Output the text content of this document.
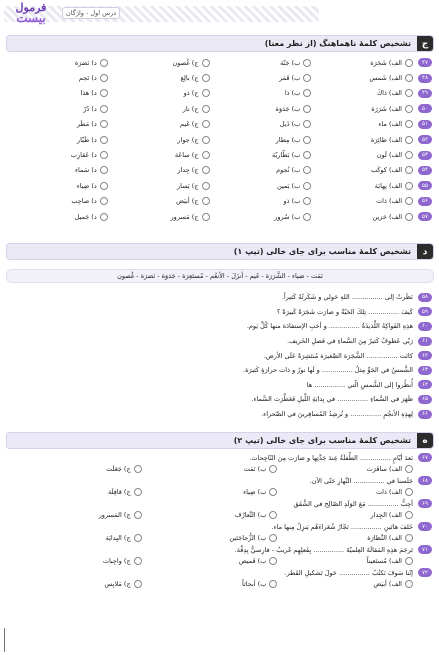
درس اول - واژگان
فرمول
بیست
ج
تشخیص کلمهٔ ناهماهنگ (از نظر معنا)
۴۷
الف) شَجَرَة
ب) جَنّة
ج) غُصون
د) نَضرَة
۴۸
الف) شَمس
ب) قَمَر
ج) بالِغ
د) نَجم
۴۹
الف) ذاكَ
ب) ذا
ج) ذو
د) هذا
۵۰
الف) شَرَرَة
ب) جَذوَة
ج) نار
د) دُرّ
۵۱
الف) ماء
ب) ذَيل
ج) غَيم
د) مَطَر
۵۲
الف) طائِرَة
ب) مِطار
ج) جوار
د) طَيّار
۵۳
الف) لَون
ب) بَطّاريّة
ج) ساعَة
د) عَقارِب
۵۴
الف) كوكَب
ب) نُجوم
ج) جِدار
د) سَماء
۵۵
الف) نِهايَة
ب) يَمين
ج) يَسار
د) ضِياء
۵۶
الف) ذات
ب) ذو
ج) أبيَض
د) صاحِب
۵۷
الف) حَزين
ب) سُرور
ج) مَسرور
د) جَميل
د
تشخیص کلمهٔ مناسب برای جای خالی (تیپ ۱)
نَمَت - ضياء - الشَّرَرَة - غَيم - أنزَلَ - الأنعُم - مُستَعِرَة - جَذوَة - نَضرَة - غُصون
۵۸
نَظَرتُ إلى ............... اللهِ حَولي و شَكَرتُهُ كَثيراً.
۵۹
كَيفَ ............... تِلكَ الحَبّةُ و صارَت شَجَرَةً كَبيرَةً ؟
۶۰
هذِهِ الفَواكِهُ اللَّذيذَةُ ............... و أخبِ الإستفادَة منها كُلَّ يَوم.
۶۱
رَبّي عَطوفٌ كَثيرٌ مِنَ السَّماءِ في فَصلِ الخَريف.
۶۲
كانَت ............... الشَّجَرَة الصَّغيرَة مُنتَشِرَةً عَلَى الأرض.
۶۳
الشَّمسُ في الجَوِّ مِثلُ ............... و لَها نورٌ و ذات حرارَةٍ كَثيرَة.
۶۴
أُنظُروا إلى الشَّمسِ الّتي ............... ها
۶۵
ظَهَرَ في السَّماءِ ............... في بِدايَةِ اللَّيلِ فَعَطَّرَت السَّماء.
۶۶
لِهذِهِ الأنجُمِ ............... و تُرشِدُ المُسافِرينَ في الصَّحراء.
ه
تشخیص کلمهٔ مناسب برای جای خالی (تیپ ۲)
۶۷
بَعدَ أيّامٍ ............... الطِّفلَةُ عِندَ جَدَّتِها و صارَت مِنَ النّاجِحات.
الف) سافَرَت
ب) نَمَت
ج) جَعَلَت
۶۸
جَلَسنا في ............... النَّهارِ حَتّى الآن.
الف) ذات
ب) ضِياء
ج) قافِلَة
۶۹
أحِبُّ ............... مَعَ الوَلَدِ الصّالِح في الشَّفَق
الف) الجِدار
ب) التَّعارُف
ج) المَسرور
۷۰
خَلفَ هاتَينِ ............... نَجّارٌ شُعَراءَهُم يَنزِلُ مِنها ماء.
الف) النَّظارَة
ب) الزُّجاجَتَين
ج) البِدايَة
۷۱
تَرجَمَ هذِهِ المَقالَةَ العِلميّةَ ............... بِفَعلِهِم غَريبٌ - فارِسيٌّ بِدِقَّة.
الف) مُستَعيناً
ب) قَميص
ج) واجِبات
۷۲
إنّنا سَوفَ نَكتُبُ ............... حَولَ تَشكيلِ القَطر.
الف) أبيَض
ب) أبحاثاً
ج) مَلابِس
